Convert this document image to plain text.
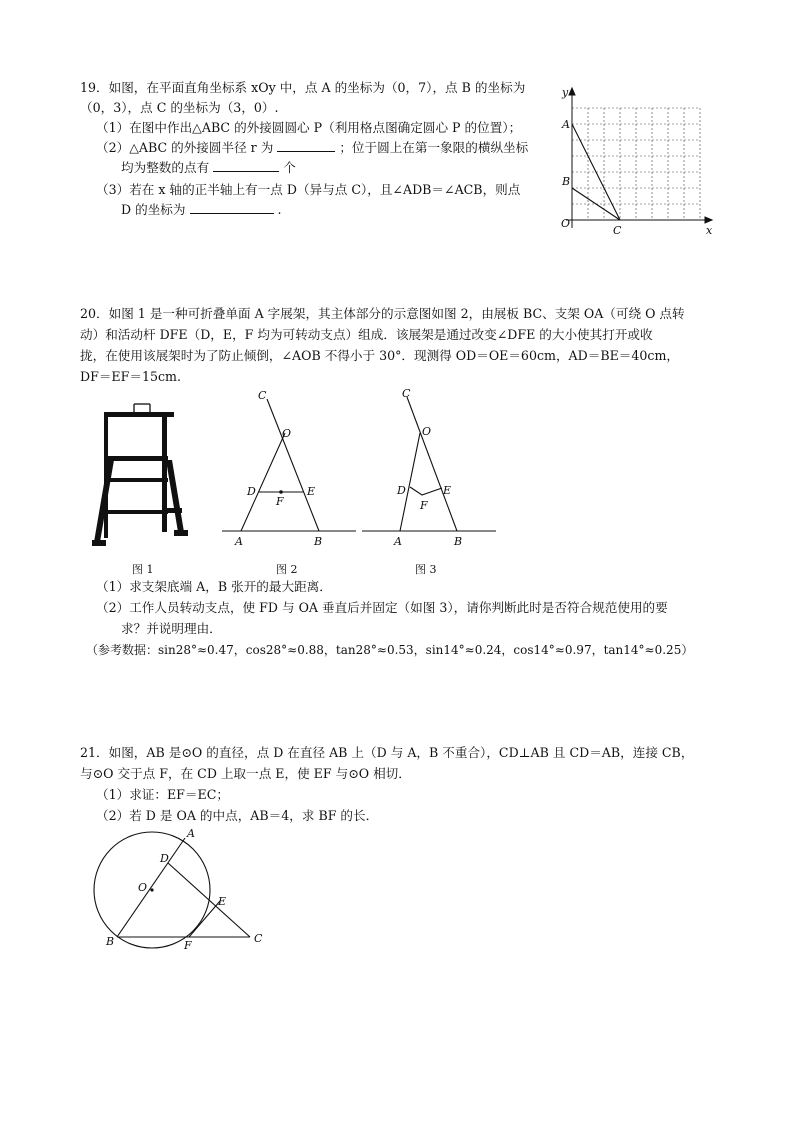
19．如图，在平面直角坐标系 xOy 中，点 A 的坐标为（0，7），点 B 的坐标为
（0，3），点 C 的坐标为（3，0）.
（1）在图中作出△ABC 的外接圆圆心 P（利用格点图确定圆心 P 的位置）；
（2）△ABC 的外接圆半径 r 为	；位于圆上在第一象限的横纵坐标
均为整数的点有	个
（3）若在 x 轴的正半轴上有一点 D（异与点 C），且∠ADB＝∠ACB，则点
D 的坐标为	.
y
x
A
B
O
C
20．如图 1 是一种可折叠单面 A 字展架，其主体部分的示意图如图 2，由展板 BC、支架 OA（可绕 O 点转
动）和活动杆 DFE（D，E，F 均为可转动支点）组成．该展架是通过改变∠DFE 的大小使其打开或收
拢，在使用该展架时为了防止倾倒，∠AOB 不得小于 30°．现测得 OD＝OE＝60cm，AD＝BE＝40cm，
DF＝EF＝15cm.
C
O
D	E
F
A	B
C
O
D	E
F
A	B
图 1	图 2	图 3
（1）求支架底端 A，B 张开的最大距离．
（2）工作人员转动支点，使 FD 与 OA 垂直后并固定（如图 3），请你判断此时是否符合规范使用的要
求？并说明理由．
（参考数据：sin28°≈0.47，cos28°≈0.88，tan28°≈0.53，sin14°≈0.24，cos14°≈0.97，tan14°≈0.25）
21．如图，AB 是⊙O 的直径，点 D 在直径 AB 上（D 与 A，B 不重合），CD⊥AB 且 CD＝AB，连接 CB，
与⊙O 交于点 F，在 CD 上取一点 E，使 EF 与⊙O 相切．
（1）求证：EF＝EC；
（2）若 D 是 OA 的中点，AB＝4，求 BF 的长．
A
D
O
E
B	F
C
